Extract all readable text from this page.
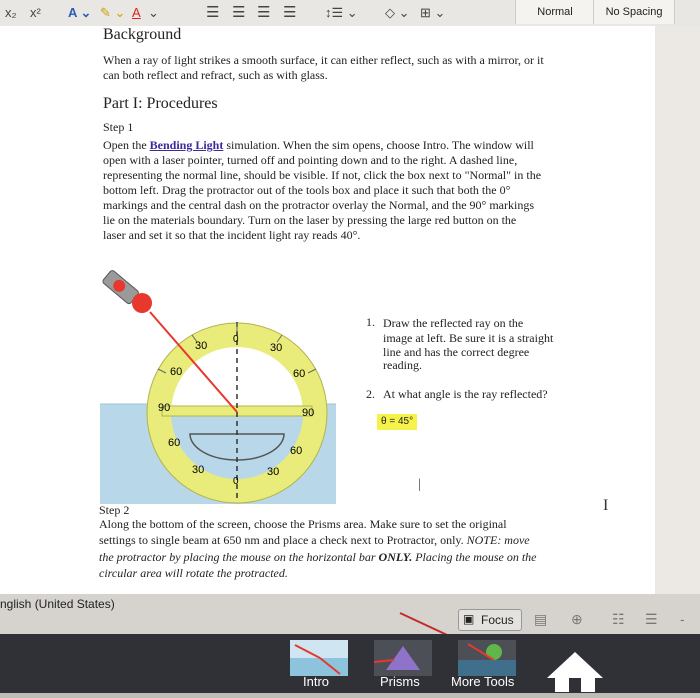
x₂ x² A ⌄ ✎ ⌄ A ⌄	☰ ☰ ☰ ☰ ↕☰ ⌄ ◇ ⌄ ⊞ ⌄	Normal	No Spacing
Background
When a ray of light strikes a smooth surface, it can either reflect, such as with a mirror, or it
can both reflect and refract, such as with glass.
Part I: Procedures
Step 1
Open the Bending Light simulation. When the sim opens, choose Intro. The window will
open with a laser pointer, turned off and pointing down and to the right. A dashed line,
representing the normal line, should be visible. If not, click the box next to "Normal" in the
bottom left. Drag the protractor out of the tools box and place it such that both the 0°
markings and the central dash on the protractor overlay the Normal, and the 90° markings
lie on the materials boundary. Turn on the laser by pressing the large red button on the
laser and set it so that the incident light ray reads 40°.
30	30
60	60
90	90
60
60
30	30
0
0
1. Draw the reflected ray on the
image at left. Be sure it is a straight
line and has the correct degree
reading.
2. At what angle is the ray reflected?
θ = 45°
|
I
Step 2
Along the bottom of the screen, choose the Prisms area. Make sure to set the original
settings to single beam at 650 nm and place a check next to Protractor, only. NOTE: move
the protractor by placing the mouse on the horizontal bar ONLY. Placing the mouse on the
circular area will rotate the protracted.
nglish (United States)
▣ Focus ▤ ⊕ ☷ ☰ -
Intro	Prisms More Tools
